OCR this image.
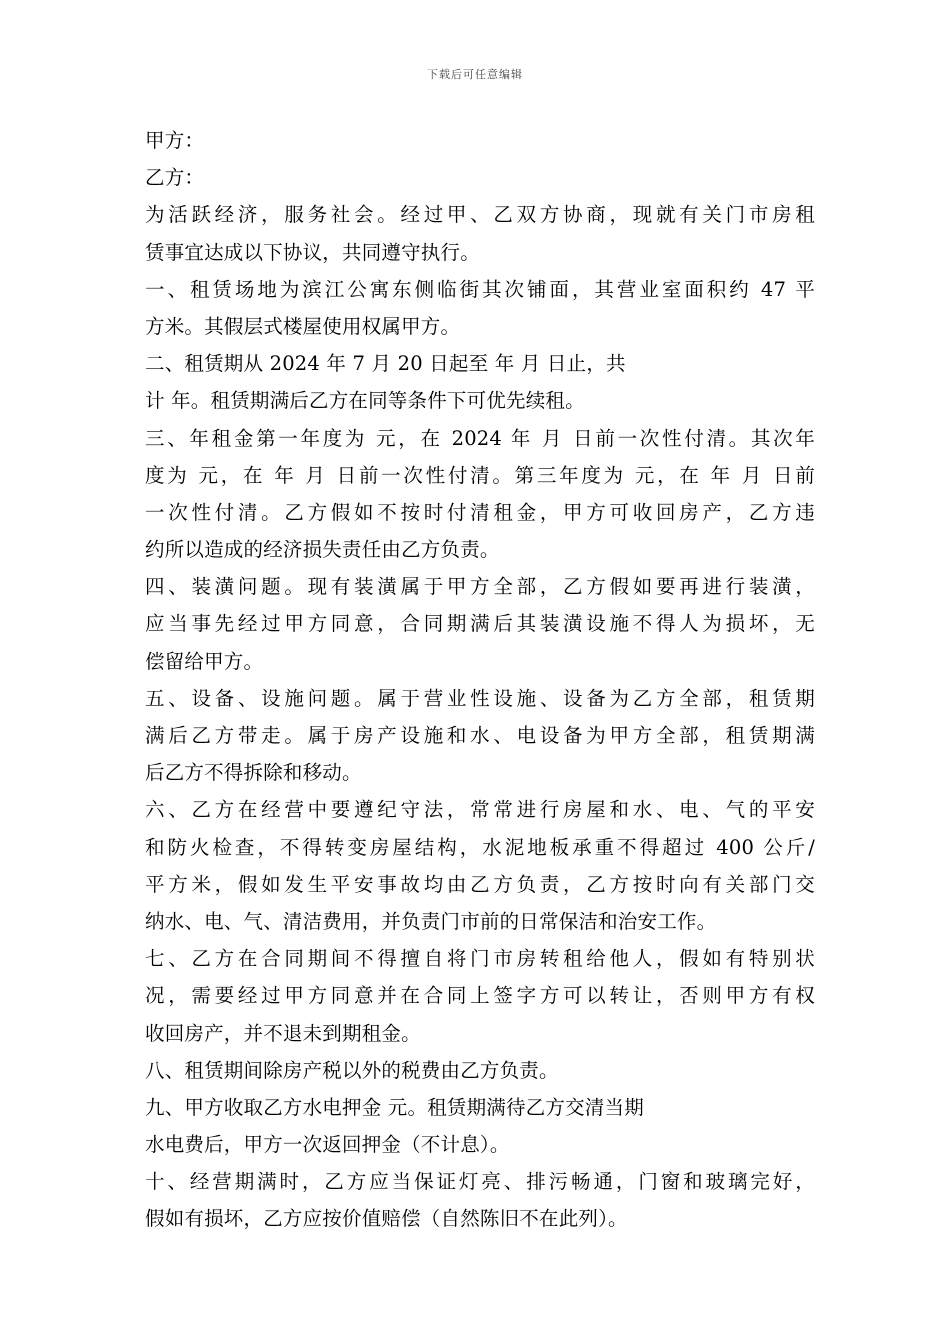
下载后可任意编辑
甲方：
乙方：
为活跃经济，服务社会。经过甲、乙双方协商，现就有关门市房租
赁事宜达成以下协议，共同遵守执行。
一、租赁场地为滨江公寓东侧临街其次铺面，其营业室面积约 47 平
方米。其假层式楼屋使用权属甲方。
二、租赁期从 2024 年 7 月 20 日起至 年 月 日止，共
计 年。租赁期满后乙方在同等条件下可优先续租。
三、年租金第一年度为 元，在 2024 年 月 日前一次性付清。其次年
度为 元，在 年 月 日前一次性付清。第三年度为 元，在 年 月 日前
一次性付清。乙方假如不按时付清租金，甲方可收回房产，乙方违
约所以造成的经济损失责任由乙方负责。
四、装潢问题。现有装潢属于甲方全部，乙方假如要再进行装潢，
应当事先经过甲方同意，合同期满后其装潢设施不得人为损坏，无
偿留给甲方。
五、设备、设施问题。属于营业性设施、设备为乙方全部，租赁期
满后乙方带走。属于房产设施和水、电设备为甲方全部，租赁期满
后乙方不得拆除和移动。
六、乙方在经营中要遵纪守法，常常进行房屋和水、电、气的平安
和防火检查，不得转变房屋结构，水泥地板承重不得超过 400 公斤/
平方米，假如发生平安事故均由乙方负责，乙方按时向有关部门交
纳水、电、气、清洁费用，并负责门市前的日常保洁和治安工作。
七、乙方在合同期间不得擅自将门市房转租给他人，假如有特别状
况，需要经过甲方同意并在合同上签字方可以转让，否则甲方有权
收回房产，并不退未到期租金。
八、租赁期间除房产税以外的税费由乙方负责。
九、甲方收取乙方水电押金 元。租赁期满待乙方交清当期
水电费后，甲方一次返回押金（不计息）。
十、经营期满时，乙方应当保证灯亮、排污畅通，门窗和玻璃完好，
假如有损坏，乙方应按价值赔偿（自然陈旧不在此列）。
